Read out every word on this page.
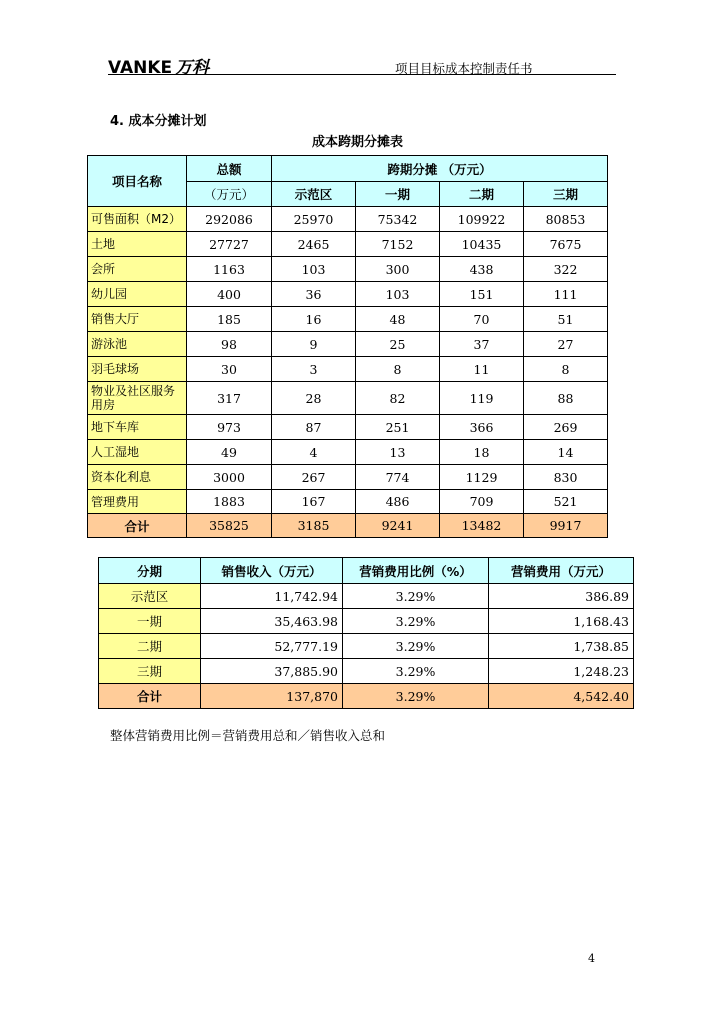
VANKE 万科	项目目标成本控制责任书
4. 成本分摊计划
成本跨期分摊表
项目名称	总额	跨期分摊 （万元）			
	（万元）	示范区	一期	二期	三期
可售面积（M2）	292086	25970	75342	109922	80853
土地	27727	2465	7152	10435	7675
会所	1163	103	300	438	322
幼儿园	400	36	103	151	111
销售大厅	185	16	48	70	51
游泳池	98	9	25	37	27
羽毛球场	30	3	8	11	8
物业及社区服务用房	317	28	82	119	88
地下车库	973	87	251	366	269
人工湿地	49	4	13	18	14
资本化利息	3000	267	774	1129	830
管理费用	1883	167	486	709	521
合计	35825	3185	9241	13482	9917
分期	销售收入（万元）	营销费用比例（%）	营销费用（万元）
示范区	11,742.94	3.29%	386.89
一期	35,463.98	3.29%	1,168.43
二期	52,777.19	3.29%	1,738.85
三期	37,885.90	3.29%	1,248.23
合计	137,870	3.29%	4,542.40
整体营销费用比例＝营销费用总和／销售收入总和
4
